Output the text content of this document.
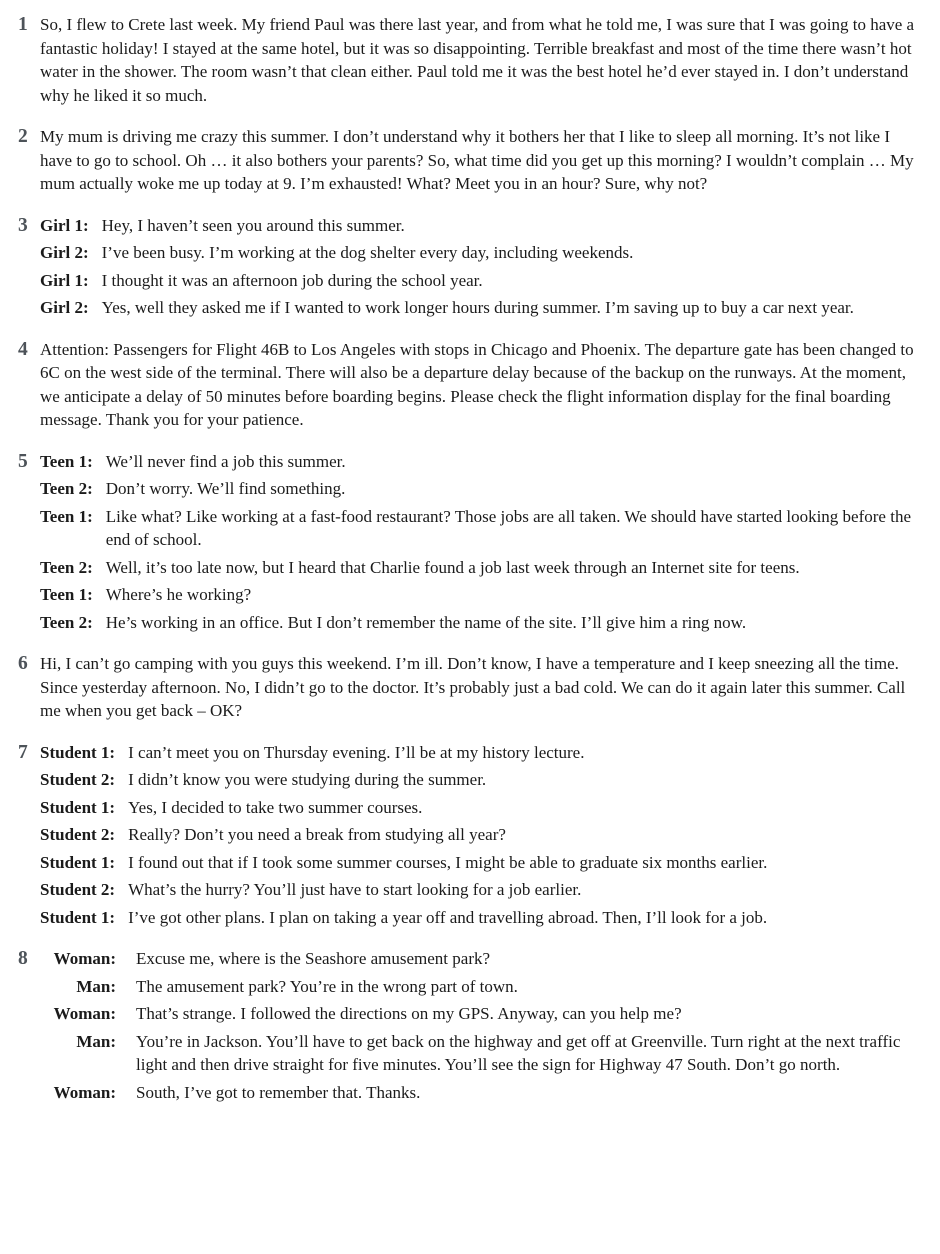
1 So, I flew to Crete last week. My friend Paul was there last year, and from what he told me, I was sure that I was going to have a fantastic holiday! I stayed at the same hotel, but it was so disappointing. Terrible breakfast and most of the time there wasn’t hot water in the shower. The room wasn’t that clean either. Paul told me it was the best hotel he’d ever stayed in. I don’t understand why he liked it so much.
2 My mum is driving me crazy this summer. I don’t understand why it bothers her that I like to sleep all morning. It’s not like I have to go to school. Oh … it also bothers your parents? So, what time did you get up this morning? I wouldn’t complain … My mum actually woke me up today at 9. I’m exhausted! What? Meet you in an hour? Sure, why not?
3 Girl 1: Hey, I haven’t seen you around this summer.
Girl 2: I’ve been busy. I’m working at the dog shelter every day, including weekends.
Girl 1: I thought it was an afternoon job during the school year.
Girl 2: Yes, well they asked me if I wanted to work longer hours during summer. I’m saving up to buy a car next year.
4 Attention: Passengers for Flight 46B to Los Angeles with stops in Chicago and Phoenix. The departure gate has been changed to 6C on the west side of the terminal. There will also be a departure delay because of the backup on the runways. At the moment, we anticipate a delay of 50 minutes before boarding begins. Please check the flight information display for the final boarding message. Thank you for your patience.
5 Teen 1: We’ll never find a job this summer.
Teen 2: Don’t worry. We’ll find something.
Teen 1: Like what? Like working at a fast-food restaurant? Those jobs are all taken. We should have started looking before the end of school.
Teen 2: Well, it’s too late now, but I heard that Charlie found a job last week through an Internet site for teens.
Teen 1: Where’s he working?
Teen 2: He’s working in an office. But I don’t remember the name of the site. I’ll give him a ring now.
6 Hi, I can’t go camping with you guys this weekend. I’m ill. Don’t know, I have a temperature and I keep sneezing all the time. Since yesterday afternoon. No, I didn’t go to the doctor. It’s probably just a bad cold. We can do it again later this summer. Call me when you get back – OK?
7 Student 1: I can’t meet you on Thursday evening. I’ll be at my history lecture.
Student 2: I didn’t know you were studying during the summer.
Student 1: Yes, I decided to take two summer courses.
Student 2: Really? Don’t you need a break from studying all year?
Student 1: I found out that if I took some summer courses, I might be able to graduate six months earlier.
Student 2: What’s the hurry? You’ll just have to start looking for a job earlier.
Student 1: I’ve got other plans. I plan on taking a year off and travelling abroad. Then, I’ll look for a job.
8	Woman: Excuse me, where is the Seashore amusement park?
Man: The amusement park? You’re in the wrong part of town.
Woman: That’s strange. I followed the directions on my GPS. Anyway, can you help me?
Man: You’re in Jackson. You’ll have to get back on the highway and get off at Greenville. Turn right at the next traffic light and then drive straight for five minutes. You’ll see the sign for Highway 47 South. Don’t go north.
Woman: South, I’ve got to remember that. Thanks.
